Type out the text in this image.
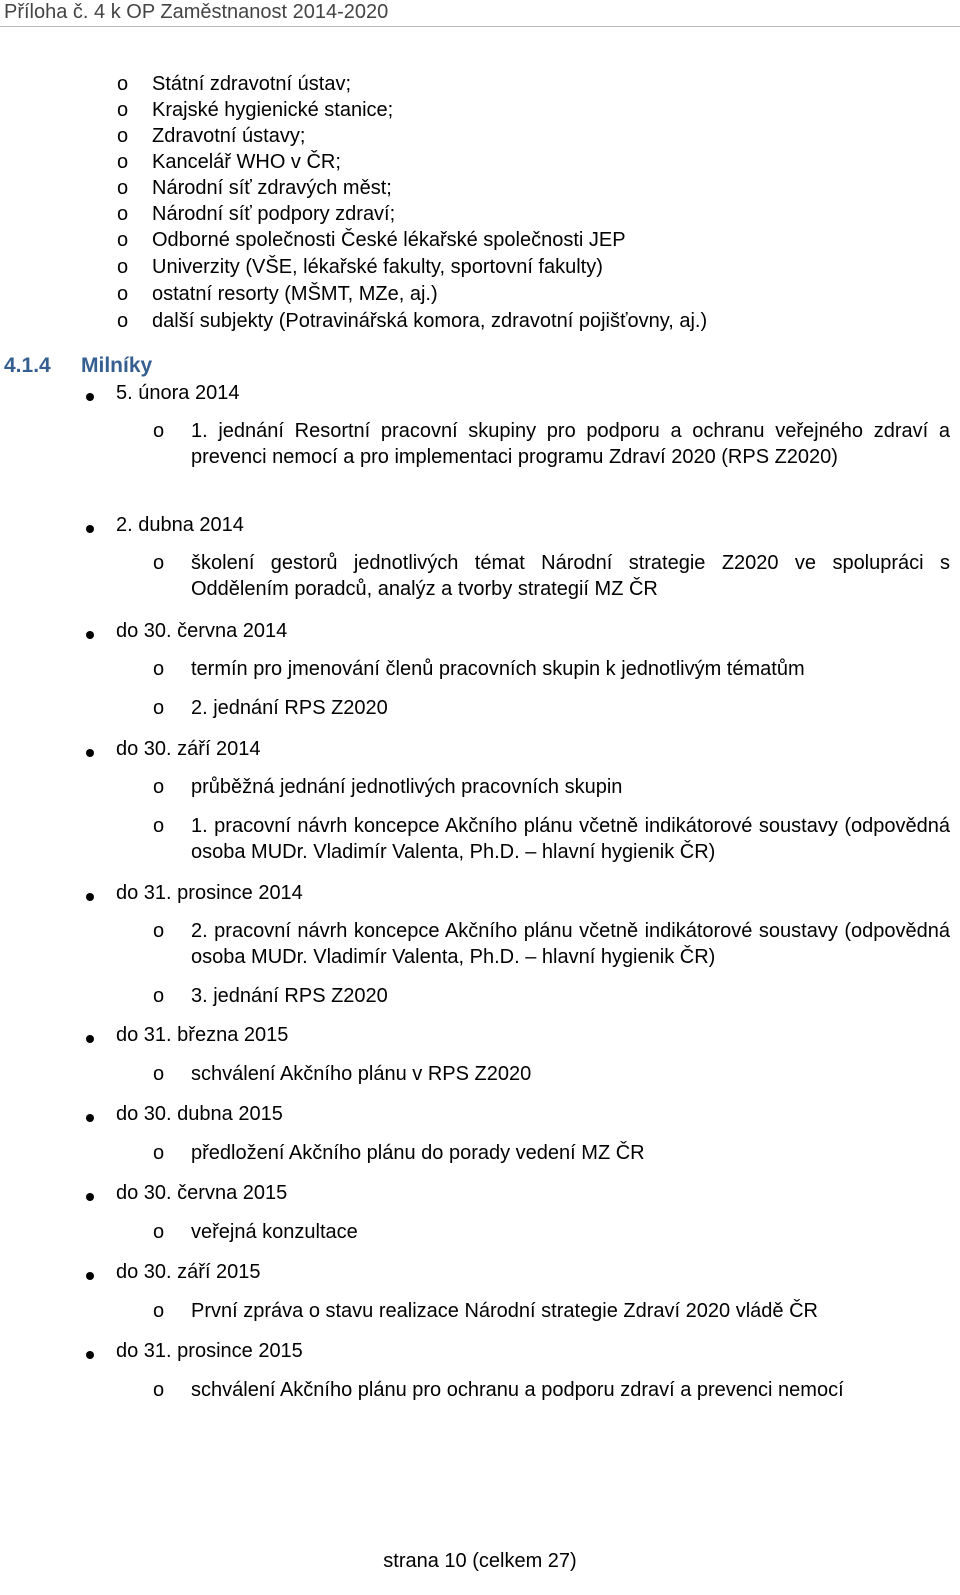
Příloha č. 4 k OP Zaměstnanost 2014-2020
o	Státní zdravotní ústav;
o	Krajské hygienické stanice;
o	Zdravotní ústavy;
o	Kancelář WHO v ČR;
o	Národní síť zdravých měst;
o	Národní síť podpory zdraví;
o	Odborné společnosti České lékařské společnosti JEP
o	Univerzity (VŠE, lékařské fakulty, sportovní fakulty)
o	ostatní resorty (MŠMT, MZe, aj.)
o	další subjekty (Potravinářská komora, zdravotní pojišťovny, aj.)
4.1.4 Milníky
5. února 2014
o	1. jednání Resortní pracovní skupiny pro podporu a ochranu veřejného zdraví a prevenci nemocí a pro implementaci programu Zdraví 2020 (RPS Z2020)
2. dubna 2014
o	školení gestorů jednotlivých témat Národní strategie Z2020 ve spolupráci s Oddělením poradců, analýz a tvorby strategií MZ ČR
do 30. června 2014
o	termín pro jmenování členů pracovních skupin k jednotlivým tématům
o	2. jednání RPS Z2020
do 30. září 2014
o	průběžná jednání jednotlivých pracovních skupin
o	1. pracovní návrh koncepce Akčního plánu včetně indikátorové soustavy (odpovědná osoba MUDr. Vladimír Valenta, Ph.D. – hlavní hygienik ČR)
do 31. prosince 2014
o	2. pracovní návrh koncepce Akčního plánu včetně indikátorové soustavy (odpovědná osoba MUDr. Vladimír Valenta, Ph.D. – hlavní hygienik ČR)
o	3. jednání RPS Z2020
do 31. března 2015
o	schválení Akčního plánu v RPS Z2020
do 30. dubna 2015
o	předložení Akčního plánu do porady vedení MZ ČR
do 30. června 2015
o	veřejná konzultace
do 30. září 2015
o	První zpráva o stavu realizace Národní strategie Zdraví 2020 vládě ČR
do 31. prosince 2015
o	schválení Akčního plánu pro ochranu a podporu zdraví a prevenci nemocí
strana 10 (celkem 27)
